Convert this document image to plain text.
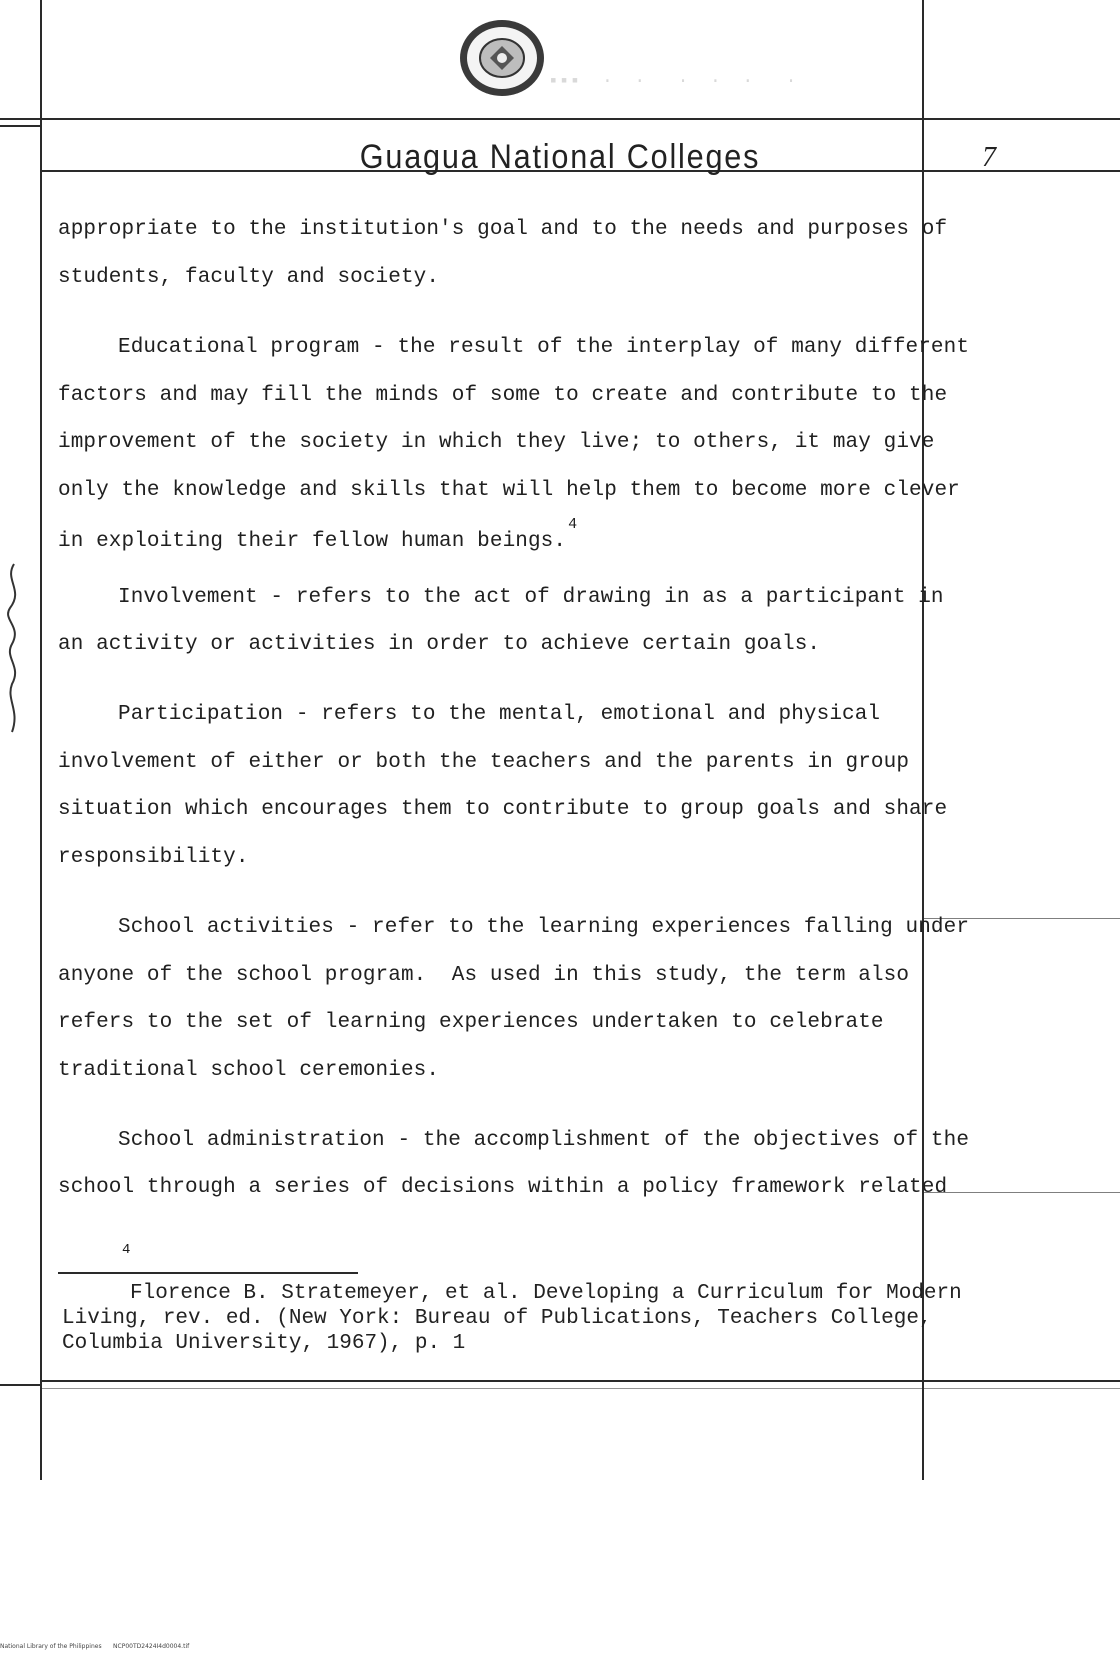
▪▪▪  ·  ·   ·  ·  ·   ·
Guagua National Colleges	7
appropriate to the institution's goal and to the needs and purposes of
students, faculty and society.
Educational program - the result of the interplay of many different
factors and may fill the minds of some to create and contribute to the
improvement of the society in which they live; to others, it may give
only the knowledge and skills that will help them to become more clever
in exploiting their fellow human beings.$^4$
Involvement - refers to the act of drawing in as a participant in
an activity or activities in order to achieve certain goals.
Participation - refers to the mental, emotional and physical
involvement of either or both the teachers and the parents in group
situation which encourages them to contribute to group goals and share
responsibility.
School activities - refer to the learning experiences falling under
anyone of the school program.  As used in this study, the term also
refers to the set of learning experiences undertaken to celebrate
traditional school ceremonies.
School administration - the accomplishment of the objectives of the
school through a series of decisions within a policy framework related
4
Florence B. Stratemeyer, et al. Developing a Curriculum for Modern
Living, rev. ed. (New York: Bureau of Publications, Teachers College,
Columbia University, 1967), p. 1
National Library of the Philippines NCP00TD2424I4d0004.tif
